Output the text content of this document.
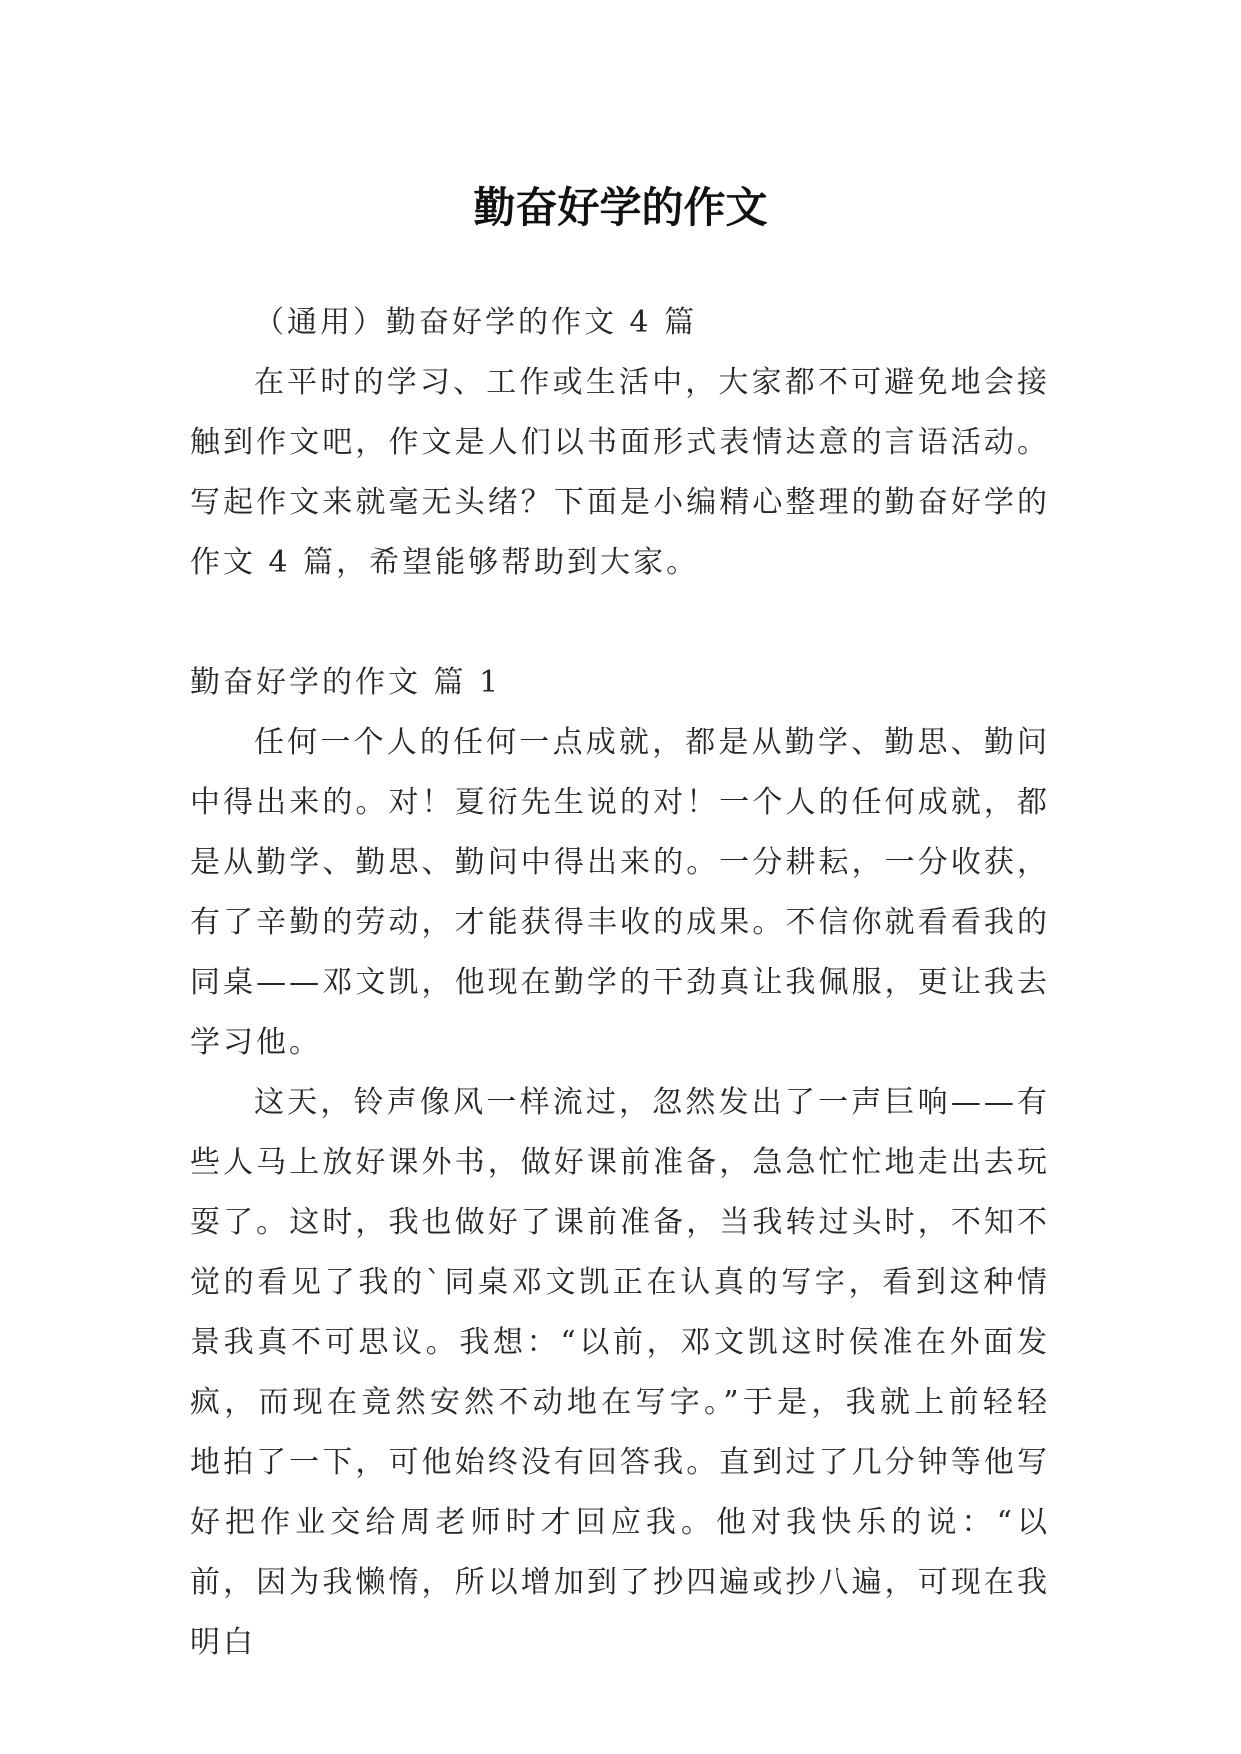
勤奋好学的作文

（通用）勤奋好学的作文 4 篇

在平时的学习、工作或生活中，大家都不可避免地会接触到作文吧，作文是人们以书面形式表情达意的言语活动。写起作文来就毫无头绪？下面是小编精心整理的勤奋好学的作文 4 篇，希望能够帮助到大家。

勤奋好学的作文 篇 1

任何一个人的任何一点成就，都是从勤学、勤思、勤问中得出来的。对！夏衍先生说的对！一个人的任何成就，都是从勤学、勤思、勤问中得出来的。一分耕耘，一分收获，有了辛勤的劳动，才能获得丰收的成果。不信你就看看我的同桌——邓文凯，他现在勤学的干劲真让我佩服，更让我去学习他。

这天，铃声像风一样流过，忽然发出了一声巨响——有些人马上放好课外书，做好课前准备，急急忙忙地走出去玩耍了。这时，我也做好了课前准备，当我转过头时，不知不觉的看见了我的`同桌邓文凯正在认真的写字，看到这种情景我真不可思议。我想：“以前，邓文凯这时侯准在外面发疯，而现在竟然安然不动地在写字。”于是，我就上前轻轻地拍了一下，可他始终没有回答我。直到过了几分钟等他写好把作业交给周老师时才回应我。他对我快乐的说：“以前，因为我懒惰，所以增加到了抄四遍或抄八遍，可现在我明白
